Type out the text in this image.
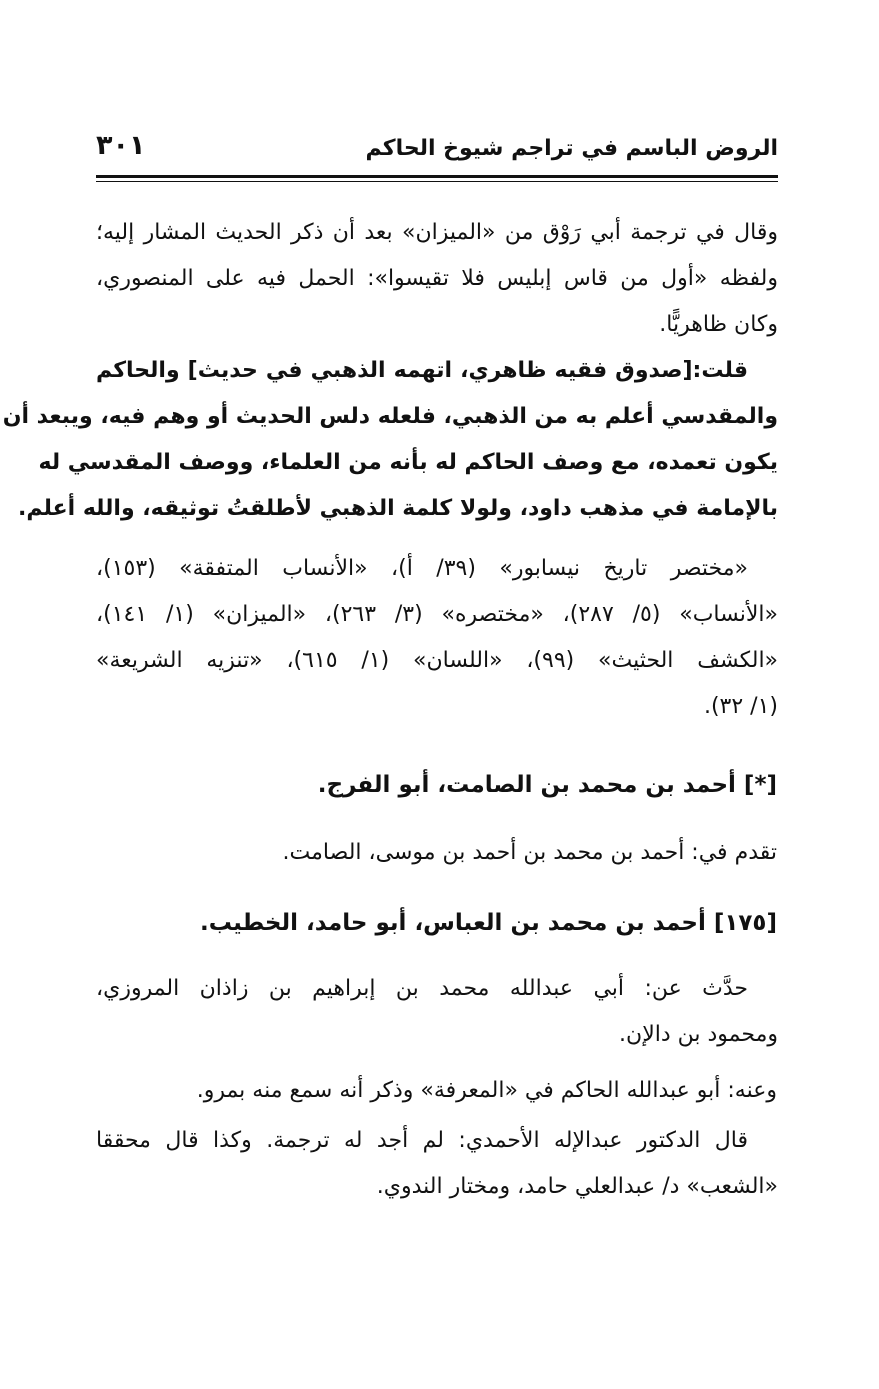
الروض الباسم في تراجم شيوخ الحاكم
٣٠١
وقال في ترجمة أبي رَوْق من «الميزان» بعد أن ذكر الحديث المشار إليه؛
ولفظه «أول من قاس إبليس فلا تقيسوا»: الحمل فيه على المنصوري،
وكان ظاهريًّا.
قلت:[صدوق فقيه ظاهري، اتهمه الذهبي في حديث] والحاكم
والمقدسي أعلم به من الذهبي، فلعله دلس الحديث أو وهم فيه، ويبعد أن
يكون تعمده، مع وصف الحاكم له بأنه من العلماء، ووصف المقدسي له
بالإمامة في مذهب داود، ولولا كلمة الذهبي لأطلقتُ توثيقه، والله أعلم.
«مختصر تاريخ نيسابور» (٣٩/ أ)، «الأنساب المتفقة» (١٥٣)،
«الأنساب» (٥/ ٢٨٧)، «مختصره» (٣/ ٢٦٣)، «الميزان» (١/ ١٤١)،
«الكشف الحثيث» (٩٩)، «اللسان» (١/ ٦١٥)، «تنزيه الشريعة»
(١/ ٣٢).
[*] أحمد بن محمد بن الصامت، أبو الفرج.
تقدم في: أحمد بن محمد بن أحمد بن موسى، الصامت.
[١٧٥] أحمد بن محمد بن العباس، أبو حامد، الخطيب.
حدَّث عن: أبي عبدالله محمد بن إبراهيم بن زاذان المروزي،
ومحمود بن دالإن.
وعنه: أبو عبدالله الحاكم في «المعرفة» وذكر أنه سمع منه بمرو.
قال الدكتور عبدالإله الأحمدي: لم أجد له ترجمة. وكذا قال محققا
«الشعب» د/ عبدالعلي حامد، ومختار الندوي.
